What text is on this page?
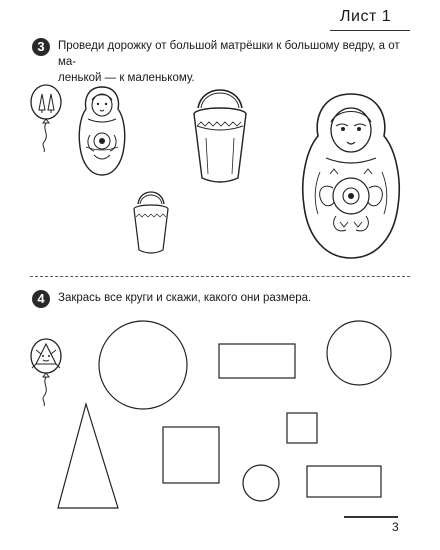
Лист 1
3	Проведи дорожку от большой матрёшки к большому ведру, а от ма-
ленькой — к маленькому.
4	Закрась все круги и скажи, какого они размера.
3
